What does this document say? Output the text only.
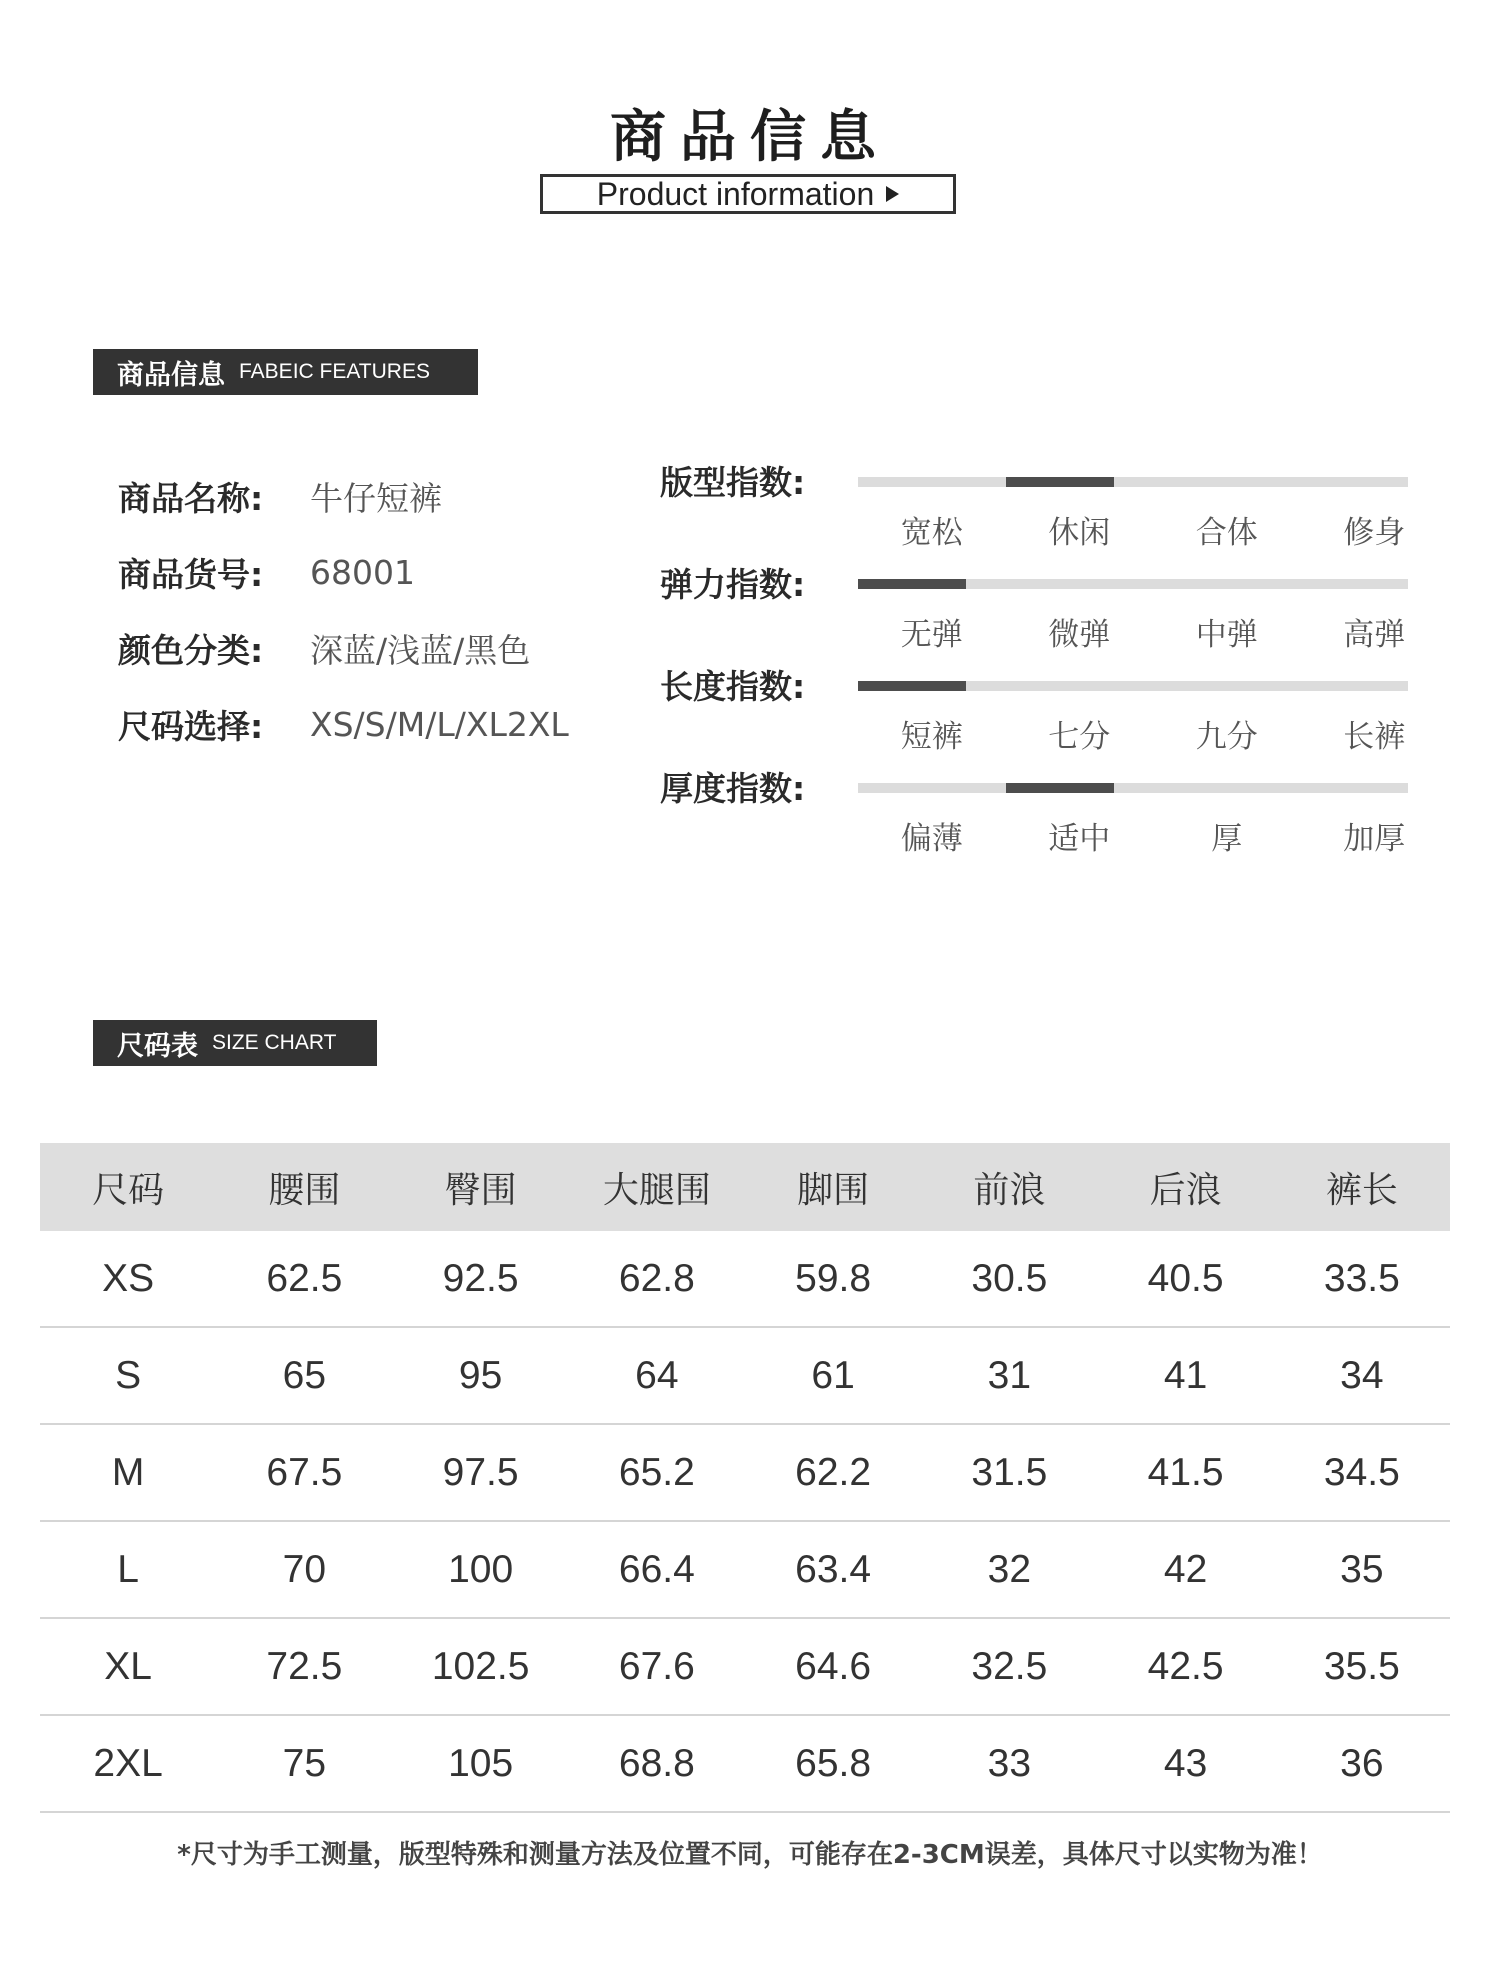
商品信息
Product information
商品信息 FABEIC FEATURES
商品名称:	牛仔短裤
商品货号:	68001
颜色分类:	深蓝/浅蓝/黑色
尺码选择:	XS/S/M/L/XL2XL
版型指数:
宽松	休闲	合体	修身
弹力指数:
无弹	微弹	中弹	高弹
长度指数:
短裤	七分	九分	长裤
厚度指数:
偏薄	适中	厚	加厚
尺码表 SIZE CHART
尺码	腰围	臀围	大腿围	脚围	前浪	后浪	裤长
XS	62.5	92.5	62.8	59.8	30.5	40.5	33.5
S	65	95	64	61	31	41	34
M	67.5	97.5	65.2	62.2	31.5	41.5	34.5
L	70	100	66.4	63.4	32	42	35
XL	72.5	102.5	67.6	64.6	32.5	42.5	35.5
2XL	75	105	68.8	65.8	33	43	36
*尺寸为手工测量，版型特殊和测量方法及位置不同，可能存在2-3CM误差，具体尺寸以实物为准！
